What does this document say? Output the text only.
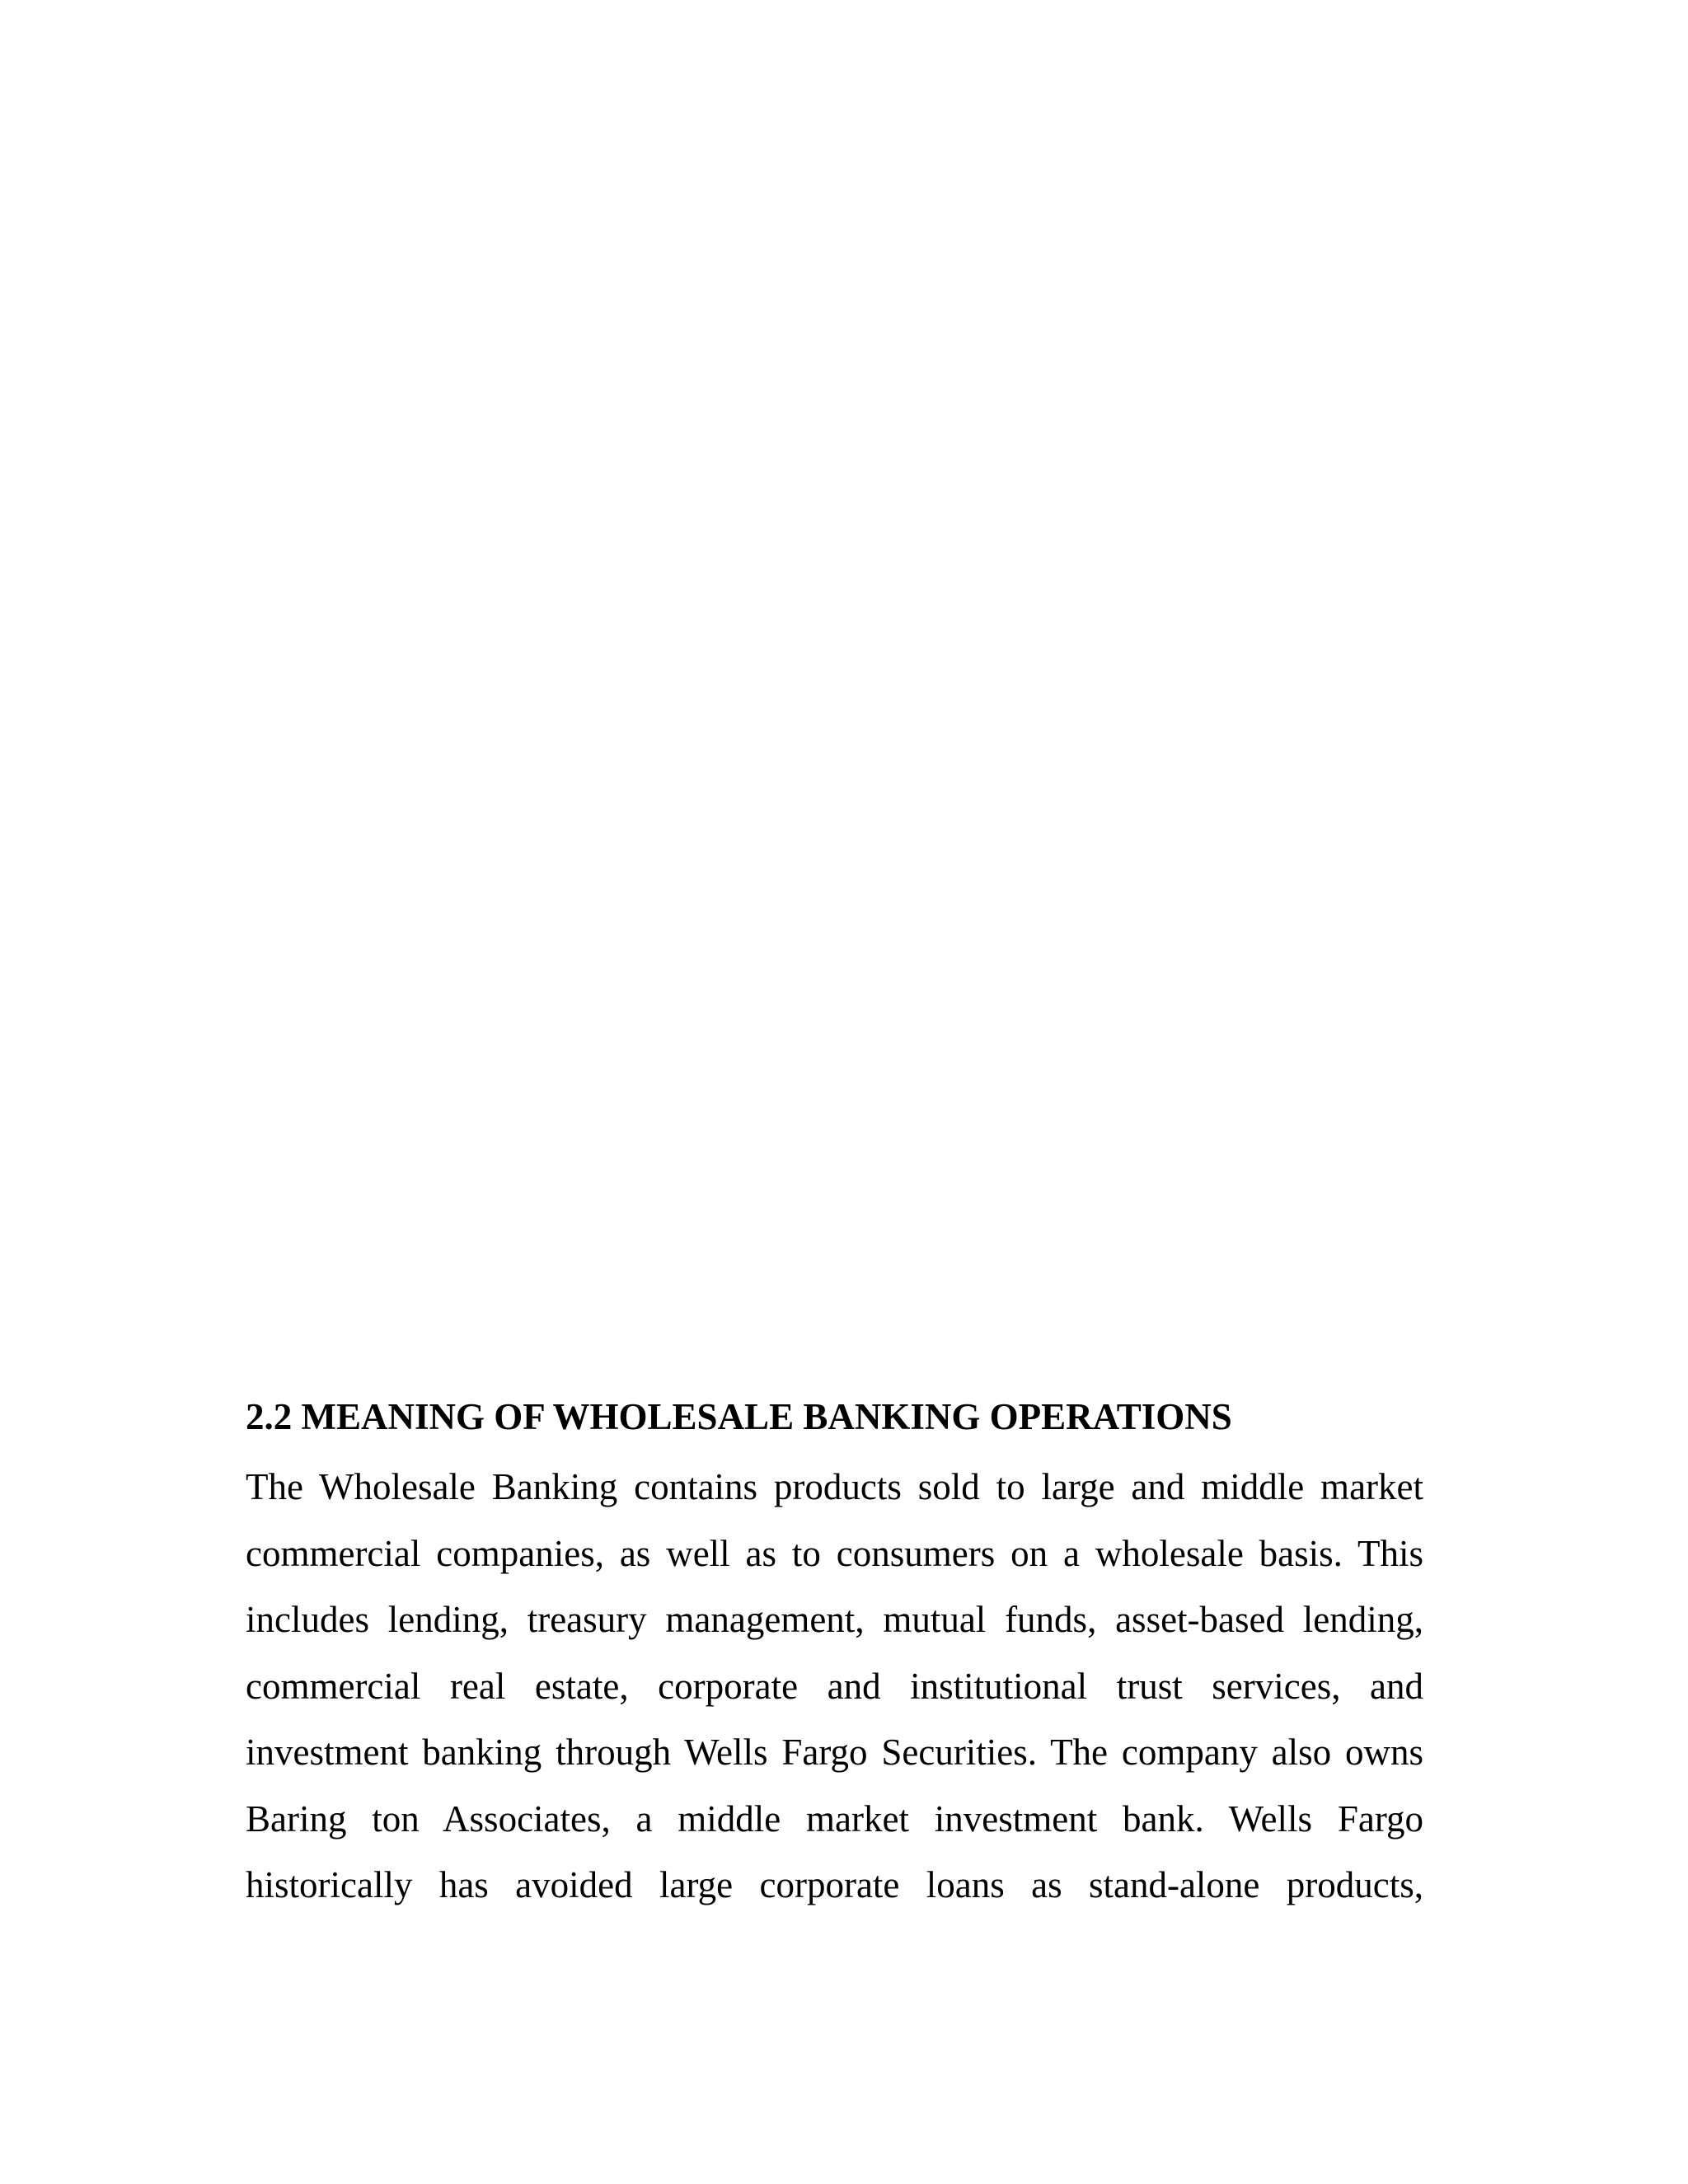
2.2 MEANING OF WHOLESALE BANKING OPERATIONS
The Wholesale Banking contains products sold to large and middle market
commercial companies, as well as to consumers on a wholesale basis. This
includes lending, treasury management, mutual funds, asset-based lending,
commercial real estate, corporate and institutional trust services, and
investment banking through Wells Fargo Securities. The company also owns
Baring ton Associates, a middle market investment bank. Wells Fargo
historically has avoided large corporate loans as stand-alone products,
